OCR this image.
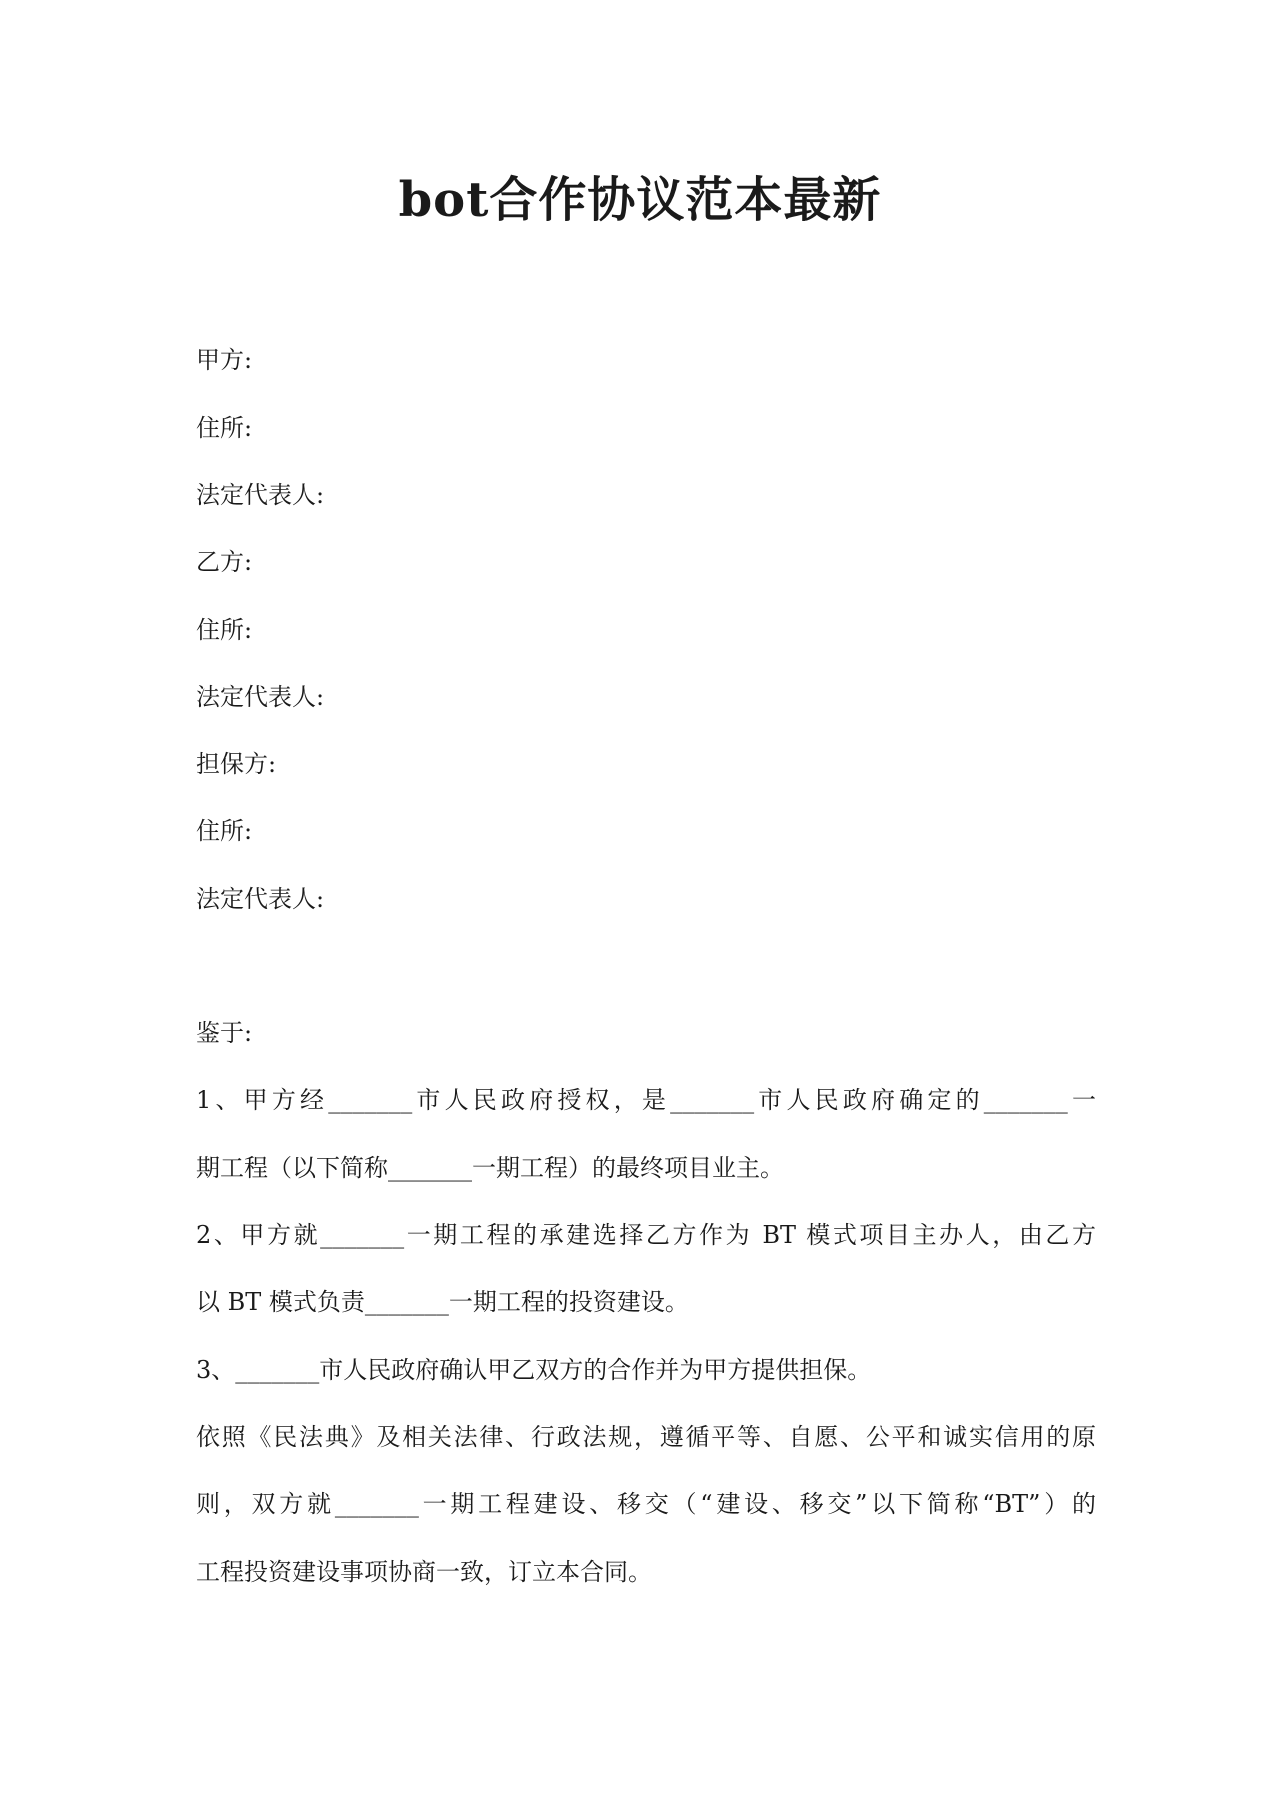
bot合作协议范本最新
甲方:
住所:
法定代表人:
乙方:
住所:
法定代表人:
担保方:
住所:
法定代表人:
鉴于:
1、甲方经_______市人民政府授权，是_______市人民政府确定的_______一
期工程（以下简称_______一期工程）的最终项目业主。
2、甲方就_______一期工程的承建选择乙方作为 BT 模式项目主办人，由乙方
以 BT 模式负责_______一期工程的投资建设。
3、_______市人民政府确认甲乙双方的合作并为甲方提供担保。
依照《民法典》及相关法律、行政法规，遵循平等、自愿、公平和诚实信用的原
则，双方就_______一期工程建设、移交（“建设、移交”以下简称“BT”）的
工程投资建设事项协商一致，订立本合同。
